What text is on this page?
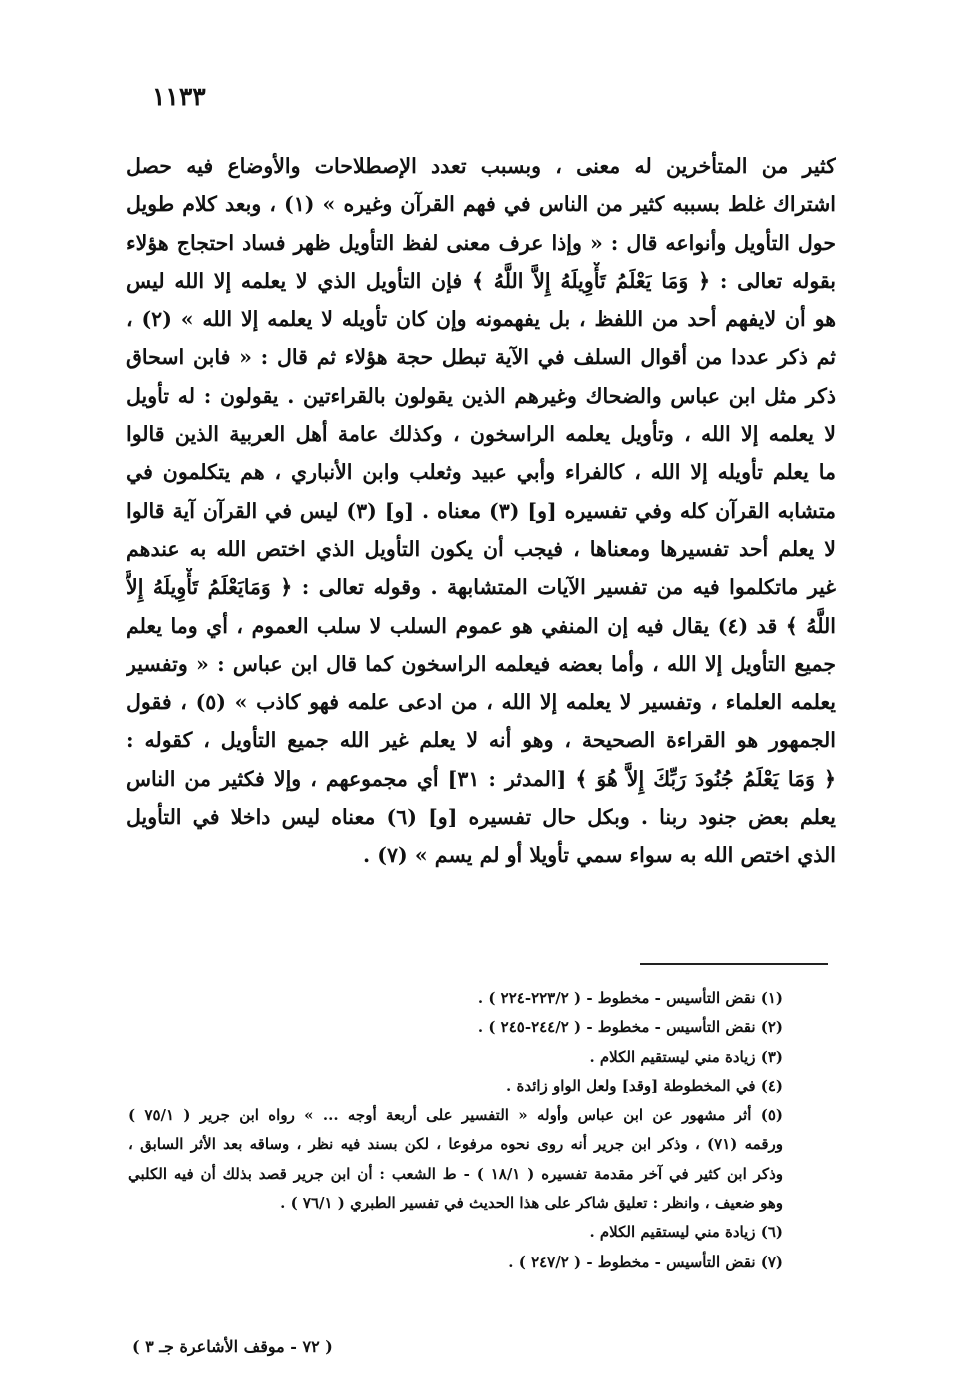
١١٣٣
كثير من المتأخرين له معنى ، وبسبب تعدد الإصطلاحات والأوضاع فيه حصل
اشتراك غلط بسببه كثير من الناس في فهم القرآن وغيره » (١) ، وبعد كلام طويل
حول التأويل وأنواعه قال : « وإذا عرف معنى لفظ التأويل ظهر فساد احتجاج هؤلاء
بقوله تعالى : ﴿ وَمَا يَعْلَمُ تَأْوِيلَهُ إِلاَّ اللَّهُ ﴾ فإن التأويل الذي لا يعلمه إلا الله ليس
هو أن لايفهم أحد من اللفظ ، بل يفهمونه وإن كان تأويله لا يعلمه إلا الله » (٢) ،
ثم ذكر عددا من أقوال السلف في الآية تبطل حجة هؤلاء ثم قال : « فابن اسحاق
ذكر مثل ابن عباس والضحاك وغيرهم الذين يقولون بالقراءتين . يقولون : له تأويل
لا يعلمه إلا الله ، وتأويل يعلمه الراسخون ، وكذلك عامة أهل العربية الذين قالوا
ما يعلم تأويله إلا الله ، كالفراء وأبي عبيد وثعلب وابن الأنباري ، هم يتكلمون في
متشابه القرآن كله وفي تفسيره [و] (٣) معناه . [و] (٣) ليس في القرآن آية قالوا
لا يعلم أحد تفسيرها ومعناها ، فيجب أن يكون التأويل الذي اختص الله به عندهم
غير ماتكلموا فيه من تفسير الآيات المتشابهة . وقوله تعالى : ﴿ وَمَايَعْلَمُ تَأْوِيلَهُ إِلاَّ
اللَّهُ ﴾ قد (٤) يقال فيه إن المنفي هو عموم السلب لا سلب العموم ، أي وما يعلم
جميع التأويل إلا الله ، وأما بعضه فيعلمه الراسخون كما قال ابن عباس : « وتفسير
يعلمه العلماء ، وتفسير لا يعلمه إلا الله ، من ادعى علمه فهو كاذب » (٥) ، فقول
الجمهور هو القراءة الصحيحة ، وهو أنه لا يعلم غير الله جميع التأويل ، كقوله :
﴿ وَمَا يَعْلَمُ جُنُودَ رَبِّكَ إِلاَّ هُوَ ﴾ [المدثر : ٣١] أي مجموعهم ، وإلا فكثير من الناس
يعلم بعض جنود ربنا . وبكل حال تفسيره [و] (٦) معناه ليس داخلا في التأويل
الذي اختص الله به سواء سمي تأويلا أو لم يسم » (٧) .
(١) نقض التأسيس - مخطوط - ( ٢٢٣/٢-٢٢٤ ) .
(٢) نقض التأسيس - مخطوط - ( ٢٤٤/٢-٢٤٥ ) .
(٣) زيادة مني ليستقيم الكلام .
(٤) في المخطوطة [وقد] ولعل الواو زائدة .
(٥) أثر مشهور عن ابن عباس وأوله « التفسير على أربعة أوجه ... » رواه ابن جرير ( ٧٥/١ )
ورقمه (٧١) ، وذكر ابن جرير أنه روى نحوه مرفوعا ، لكن بسند فيه نظر ، وساقه بعد الأثر السابق ،
وذكر ابن كثير في آخر مقدمة تفسيره ( ١٨/١ ) - ط الشعب : أن ابن جرير قصد بذلك أن فيه الكلبي
وهو ضعيف ، وانظر : تعليق شاكر على هذا الحديث في تفسير الطبري ( ٧٦/١ ) .
(٦) زيادة مني ليستقيم الكلام .
(٧) نقض التأسيس - مخطوط - ( ٢٤٧/٢ ) .
( ٧٢ - موقف الأشاعرة جـ ٣ )
